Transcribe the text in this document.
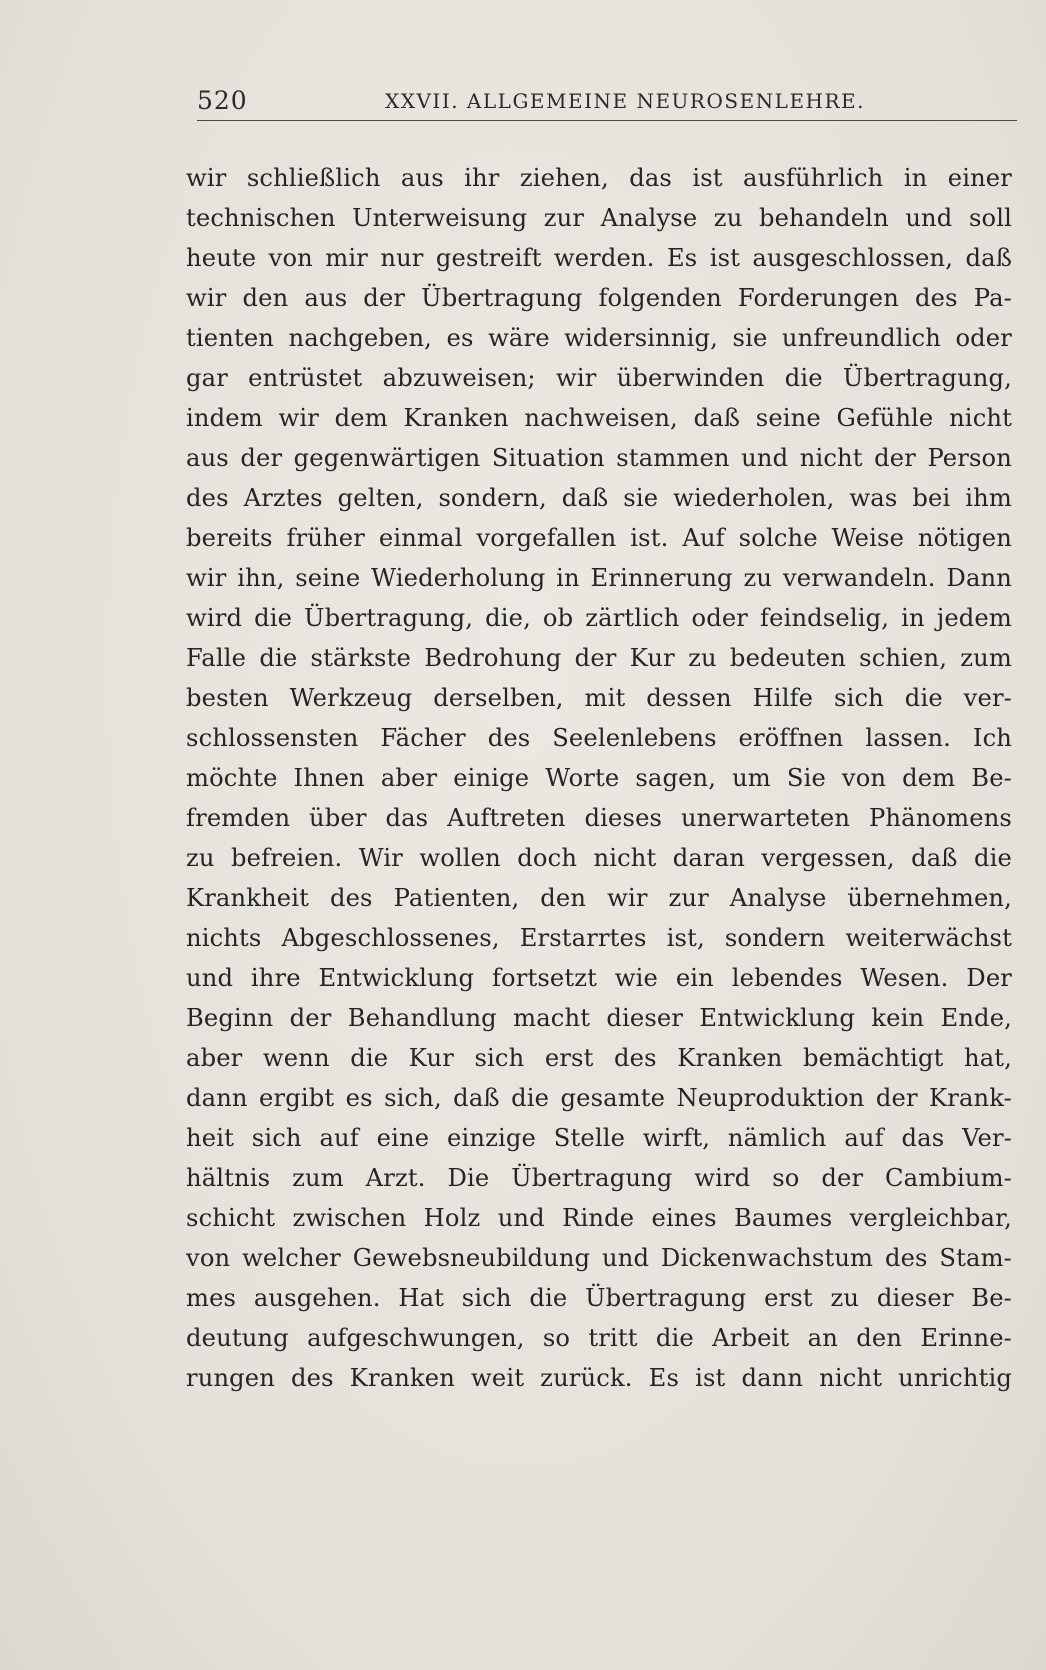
520	XXVII. ALLGEMEINE NEUROSENLEHRE.
wir schließlich aus ihr ziehen, das ist ausführlich in einer
technischen Unterweisung zur Analyse zu behandeln und soll
heute von mir nur gestreift werden. Es ist ausgeschlossen, daß
wir den aus der Übertragung folgenden Forderungen des Pa-
tienten nachgeben, es wäre widersinnig, sie unfreundlich oder
gar entrüstet abzuweisen; wir überwinden die Übertragung,
indem wir dem Kranken nachweisen, daß seine Gefühle nicht
aus der gegenwärtigen Situation stammen und nicht der Person
des Arztes gelten, sondern, daß sie wiederholen, was bei ihm
bereits früher einmal vorgefallen ist. Auf solche Weise nötigen
wir ihn, seine Wiederholung in Erinnerung zu verwandeln. Dann
wird die Übertragung, die, ob zärtlich oder feindselig, in jedem
Falle die stärkste Bedrohung der Kur zu bedeuten schien, zum
besten Werkzeug derselben, mit dessen Hilfe sich die ver-
schlossensten Fächer des Seelenlebens eröffnen lassen. Ich
möchte Ihnen aber einige Worte sagen, um Sie von dem Be-
fremden über das Auftreten dieses unerwarteten Phänomens
zu befreien. Wir wollen doch nicht daran vergessen, daß die
Krankheit des Patienten, den wir zur Analyse übernehmen,
nichts Abgeschlossenes, Erstarrtes ist, sondern weiterwächst
und ihre Entwicklung fortsetzt wie ein lebendes Wesen. Der
Beginn der Behandlung macht dieser Entwicklung kein Ende,
aber wenn die Kur sich erst des Kranken bemächtigt hat,
dann ergibt es sich, daß die gesamte Neuproduktion der Krank-
heit sich auf eine einzige Stelle wirft, nämlich auf das Ver-
hältnis zum Arzt. Die Übertragung wird so der Cambium-
schicht zwischen Holz und Rinde eines Baumes vergleichbar,
von welcher Gewebsneubildung und Dickenwachstum des Stam-
mes ausgehen. Hat sich die Übertragung erst zu dieser Be-
deutung aufgeschwungen, so tritt die Arbeit an den Erinne-
rungen des Kranken weit zurück. Es ist dann nicht unrichtig
